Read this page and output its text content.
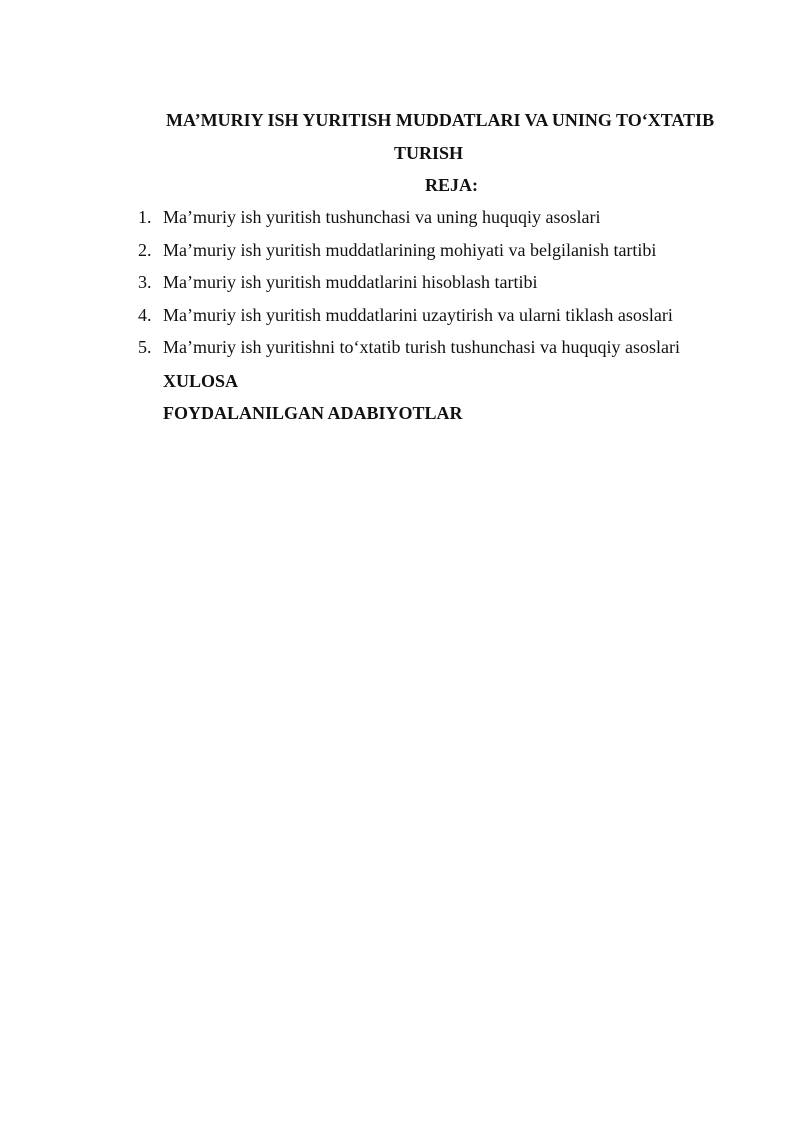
MA’MURIY ISH YURITISH MUDDATLARI VA UNING TO‘XTATIB
TURISH
REJA:
1. Ma’muriy ish yuritish tushunchasi va uning huquqiy asoslari
2. Ma’muriy ish yuritish muddatlarining mohiyati va belgilanish tartibi
3. Ma’muriy ish yuritish muddatlarini hisoblash tartibi
4. Ma’muriy ish yuritish muddatlarini uzaytirish va ularni tiklash asoslari
5. Ma’muriy ish yuritishni to‘xtatib turish tushunchasi va huquqiy asoslari
XULOSA
FOYDALANILGAN ADABIYOTLAR
